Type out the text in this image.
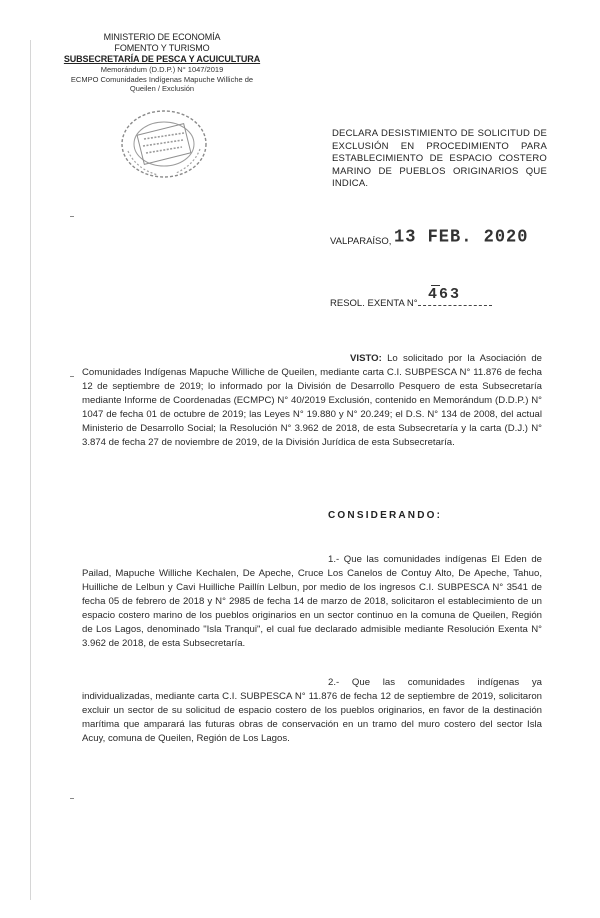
MINISTERIO DE ECONOMÍA
FOMENTO Y TURISMO
SUBSECRETARÍA DE PESCA Y ACUICULTURA
Memorándum (D.D.P.) N° 1047/2019
ECMPO Comunidades Indígenas Mapuche Williche de
Queilen / Exclusión
DECLARA DESISTIMIENTO DE SOLICITUD DE EXCLUSIÓN EN PROCEDIMIENTO PARA ESTABLECIMIENTO DE ESPACIO COSTERO MARINO DE PUEBLOS ORIGINARIOS QUE INDICA.
VALPARAÍSO, 13 FEB. 2020
RESOL. EXENTA N°
463
VISTO: Lo solicitado por la Asociación de Comunidades Indígenas Mapuche Williche de Queilen, mediante carta C.I. SUBPESCA N° 11.876 de fecha 12 de septiembre de 2019; lo informado por la División de Desarrollo Pesquero de esta Subsecretaría mediante Informe de Coordenadas (ECMPC) N° 40/2019 Exclusión, contenido en Memorándum (D.D.P.) N° 1047 de fecha 01 de octubre de 2019; las Leyes N° 19.880 y N° 20.249; el D.S. N° 134 de 2008, del actual Ministerio de Desarrollo Social; la Resolución N° 3.962 de 2018, de esta Subsecretaría y la carta (D.J.) N° 3.874 de fecha 27 de noviembre de 2019, de la División Jurídica de esta Subsecretaría.
CONSIDERANDO:
1.- Que las comunidades indígenas El Eden de Pailad, Mapuche Williche Kechalen, De Apeche, Cruce Los Canelos de Contuy Alto, De Apeche, Tahuo, Huilliche de Lelbun y Cavi Huilliche Paillín Lelbun, por medio de los ingresos C.I. SUBPESCA N° 3541 de fecha 05 de febrero de 2018 y N° 2985 de fecha 14 de marzo de 2018, solicitaron el establecimiento de un espacio costero marino de los pueblos originarios en un sector continuo en la comuna de Queilen, Región de Los Lagos, denominado "Isla Tranqui", el cual fue declarado admisible mediante Resolución Exenta N° 3.962 de 2018, de esta Subsecretaría.
2.- Que las comunidades indígenas ya individualizadas, mediante carta C.I. SUBPESCA N° 11.876 de fecha 12 de septiembre de 2019, solicitaron excluir un sector de su solicitud de espacio costero de los pueblos originarios, en favor de la destinación marítima que amparará las futuras obras de conservación en un tramo del muro costero del sector Isla Acuy, comuna de Queilen, Región de Los Lagos.
